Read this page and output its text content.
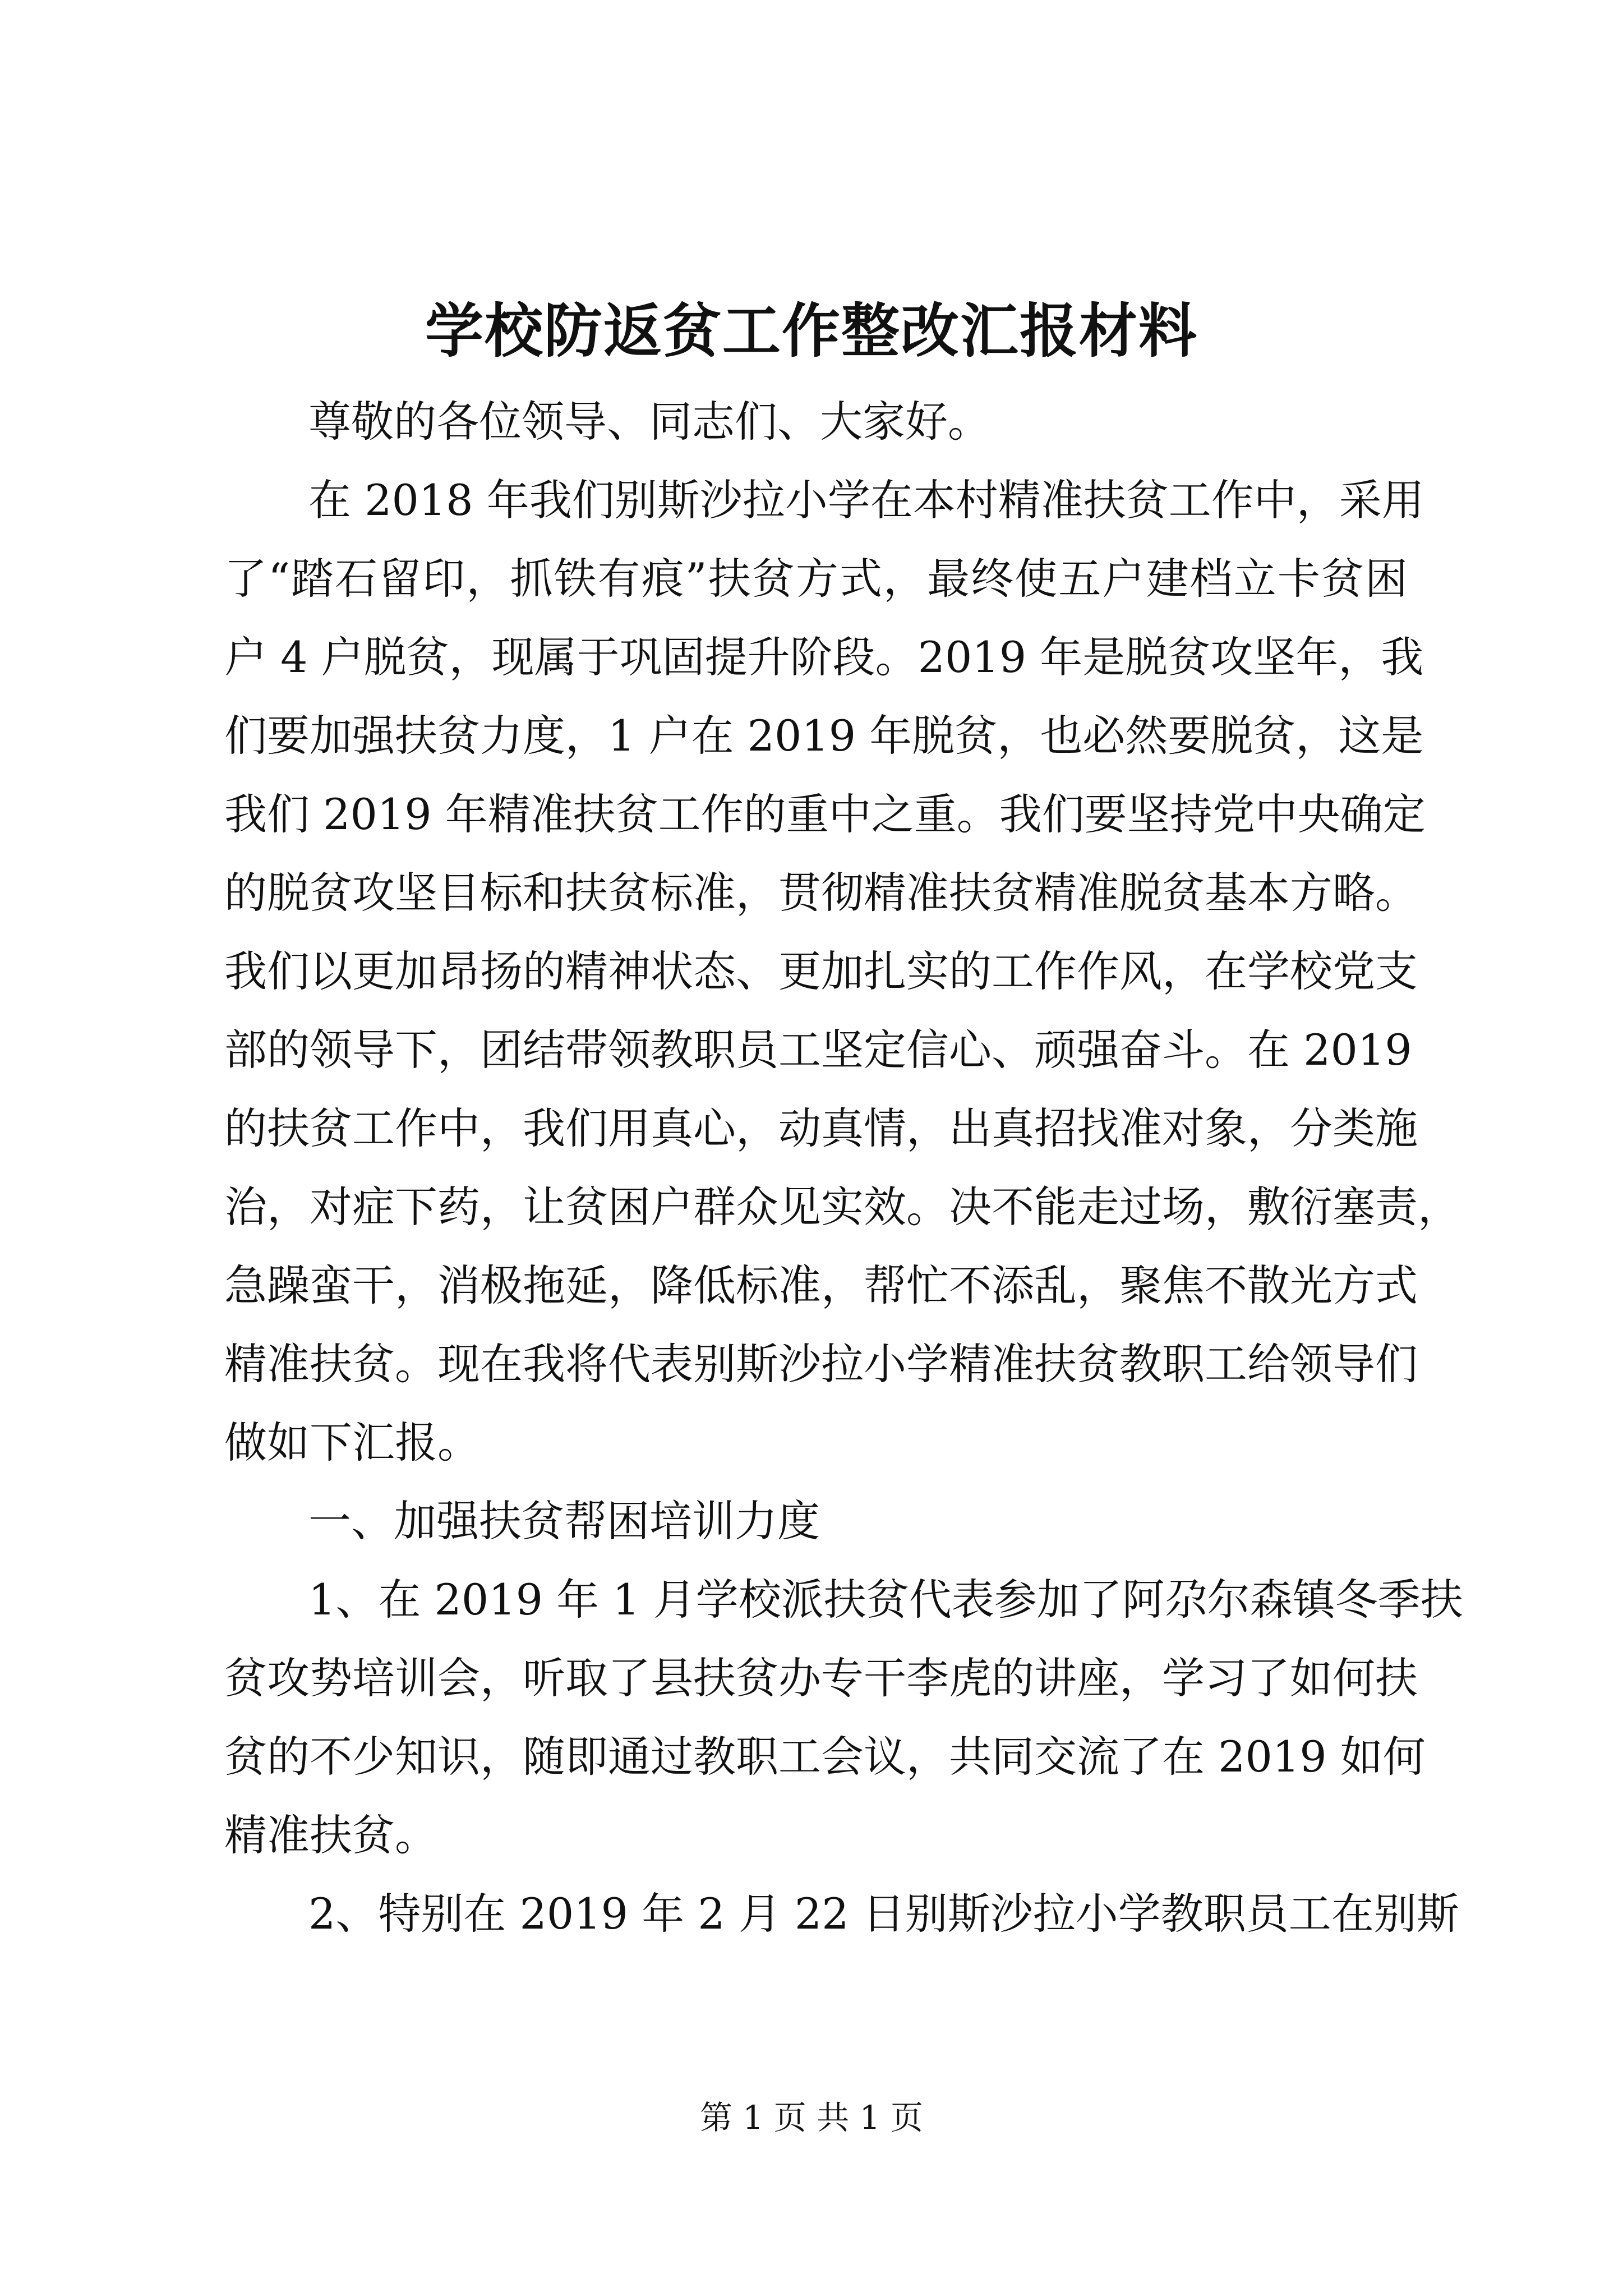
学校防返贫工作整改汇报材料
尊敬的各位领导、同志们、大家好。
在 2018 年我们别斯沙拉小学在本村精准扶贫工作中，采用
了“踏石留印，抓铁有痕”扶贫方式，最终使五户建档立卡贫困
户 4 户脱贫，现属于巩固提升阶段。2019 年是脱贫攻坚年，我
们要加强扶贫力度，1 户在 2019 年脱贫，也必然要脱贫，这是
我们 2019 年精准扶贫工作的重中之重。我们要坚持党中央确定
的脱贫攻坚目标和扶贫标准，贯彻精准扶贫精准脱贫基本方略。
我们以更加昂扬的精神状态、更加扎实的工作作风，在学校党支
部的领导下，团结带领教职员工坚定信心、顽强奋斗。在 2019
的扶贫工作中，我们用真心，动真情，出真招找准对象，分类施
治，对症下药，让贫困户群众见实效。决不能走过场，敷衍塞责，
急躁蛮干，消极拖延，降低标准，帮忙不添乱，聚焦不散光方式
精准扶贫。现在我将代表别斯沙拉小学精准扶贫教职工给领导们
做如下汇报。
一、加强扶贫帮困培训力度
1、在 2019 年 1 月学校派扶贫代表参加了阿尕尔森镇冬季扶
贫攻势培训会，听取了县扶贫办专干李虎的讲座，学习了如何扶
贫的不少知识，随即通过教职工会议，共同交流了在 2019 如何
精准扶贫。
2、特别在 2019 年 2 月 22 日别斯沙拉小学教职员工在别斯
第 1 页 共 1 页
